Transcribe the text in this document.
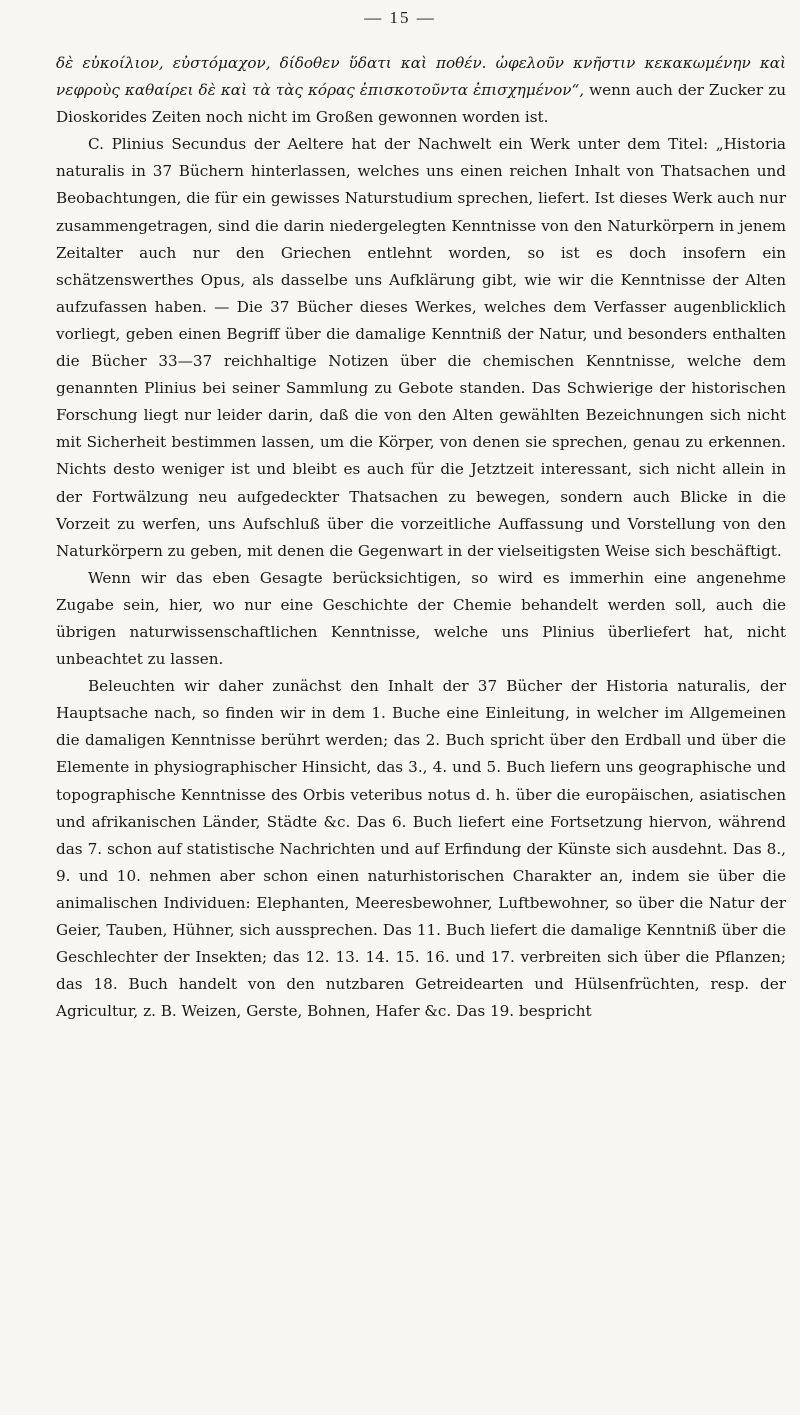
— 15 —

δὲ εὐκοίλιον, εὐστόμαχον, δίδοθεν ὕδατι καὶ ποθέν. ὠφελοῦν κνῆστιν κεκακωμένην καὶ νεφροὺς καθαίρει δὲ καὶ τὰ τὰς κόρας ἐπισκοτοῦντα ἐπισχημένον“, wenn auch der Zucker zu Dioskorides Zeiten noch nicht im Großen gewonnen worden ist.

C. Plinius Secundus der Aeltere hat der Nachwelt ein Werk unter dem Titel: „Historia naturalis in 37 Büchern hinterlassen, welches uns einen reichen Inhalt von Thatsachen und Beobachtungen, die für ein gewisses Naturstudium sprechen, liefert. Ist dieses Werk auch nur zusammengetragen, sind die darin niedergelegten Kenntnisse von den Naturkörpern in jenem Zeitalter auch nur den Griechen entlehnt worden, so ist es doch insofern ein schätzenswerthes Opus, als dasselbe uns Aufklärung gibt, wie wir die Kenntnisse der Alten aufzufassen haben. — Die 37 Bücher dieses Werkes, welches dem Verfasser augenblicklich vorliegt, geben einen Begriff über die damalige Kenntniß der Natur, und besonders enthalten die Bücher 33—37 reichhaltige Notizen über die chemischen Kenntnisse, welche dem genannten Plinius bei seiner Sammlung zu Gebote standen. Das Schwierige der historischen Forschung liegt nur leider darin, daß die von den Alten gewählten Bezeichnungen sich nicht mit Sicherheit bestimmen lassen, um die Körper, von denen sie sprechen, genau zu erkennen. Nichts desto weniger ist und bleibt es auch für die Jetztzeit interessant, sich nicht allein in der Fortwälzung neu aufgedeckter Thatsachen zu bewegen, sondern auch Blicke in die Vorzeit zu werfen, uns Aufschluß über die vorzeitliche Auffassung und Vorstellung von den Naturkörpern zu geben, mit denen die Gegenwart in der vielseitigsten Weise sich beschäftigt.

Wenn wir das eben Gesagte berücksichtigen, so wird es immerhin eine angenehme Zugabe sein, hier, wo nur eine Geschichte der Chemie behandelt werden soll, auch die übrigen naturwissenschaftlichen Kenntnisse, welche uns Plinius überliefert hat, nicht unbeachtet zu lassen.

Beleuchten wir daher zunächst den Inhalt der 37 Bücher der Historia naturalis, der Hauptsache nach, so finden wir in dem 1. Buche eine Einleitung, in welcher im Allgemeinen die damaligen Kenntnisse berührt werden; das 2. Buch spricht über den Erdball und über die Elemente in physiographischer Hinsicht, das 3., 4. und 5. Buch liefern uns geographische und topographische Kenntnisse des Orbis veteribus notus d. h. über die europäischen, asiatischen und afrikanischen Länder, Städte &c. Das 6. Buch liefert eine Fortsetzung hiervon, während das 7. schon auf statistische Nachrichten und auf Erfindung der Künste sich ausdehnt. Das 8., 9. und 10. nehmen aber schon einen naturhistorischen Charakter an, indem sie über die animalischen Individuen: Elephanten, Meeresbewohner, Luftbewohner, so über die Natur der Geier, Tauben, Hühner, sich aussprechen. Das 11. Buch liefert die damalige Kenntniß über die Geschlechter der Insekten; das 12. 13. 14. 15. 16. und 17. verbreiten sich über die Pflanzen; das 18. Buch handelt von den nutzbaren Getreidearten und Hülsenfrüchten, resp. der Agricultur, z. B. Weizen, Gerste, Bohnen, Hafer &c. Das 19. bespricht
